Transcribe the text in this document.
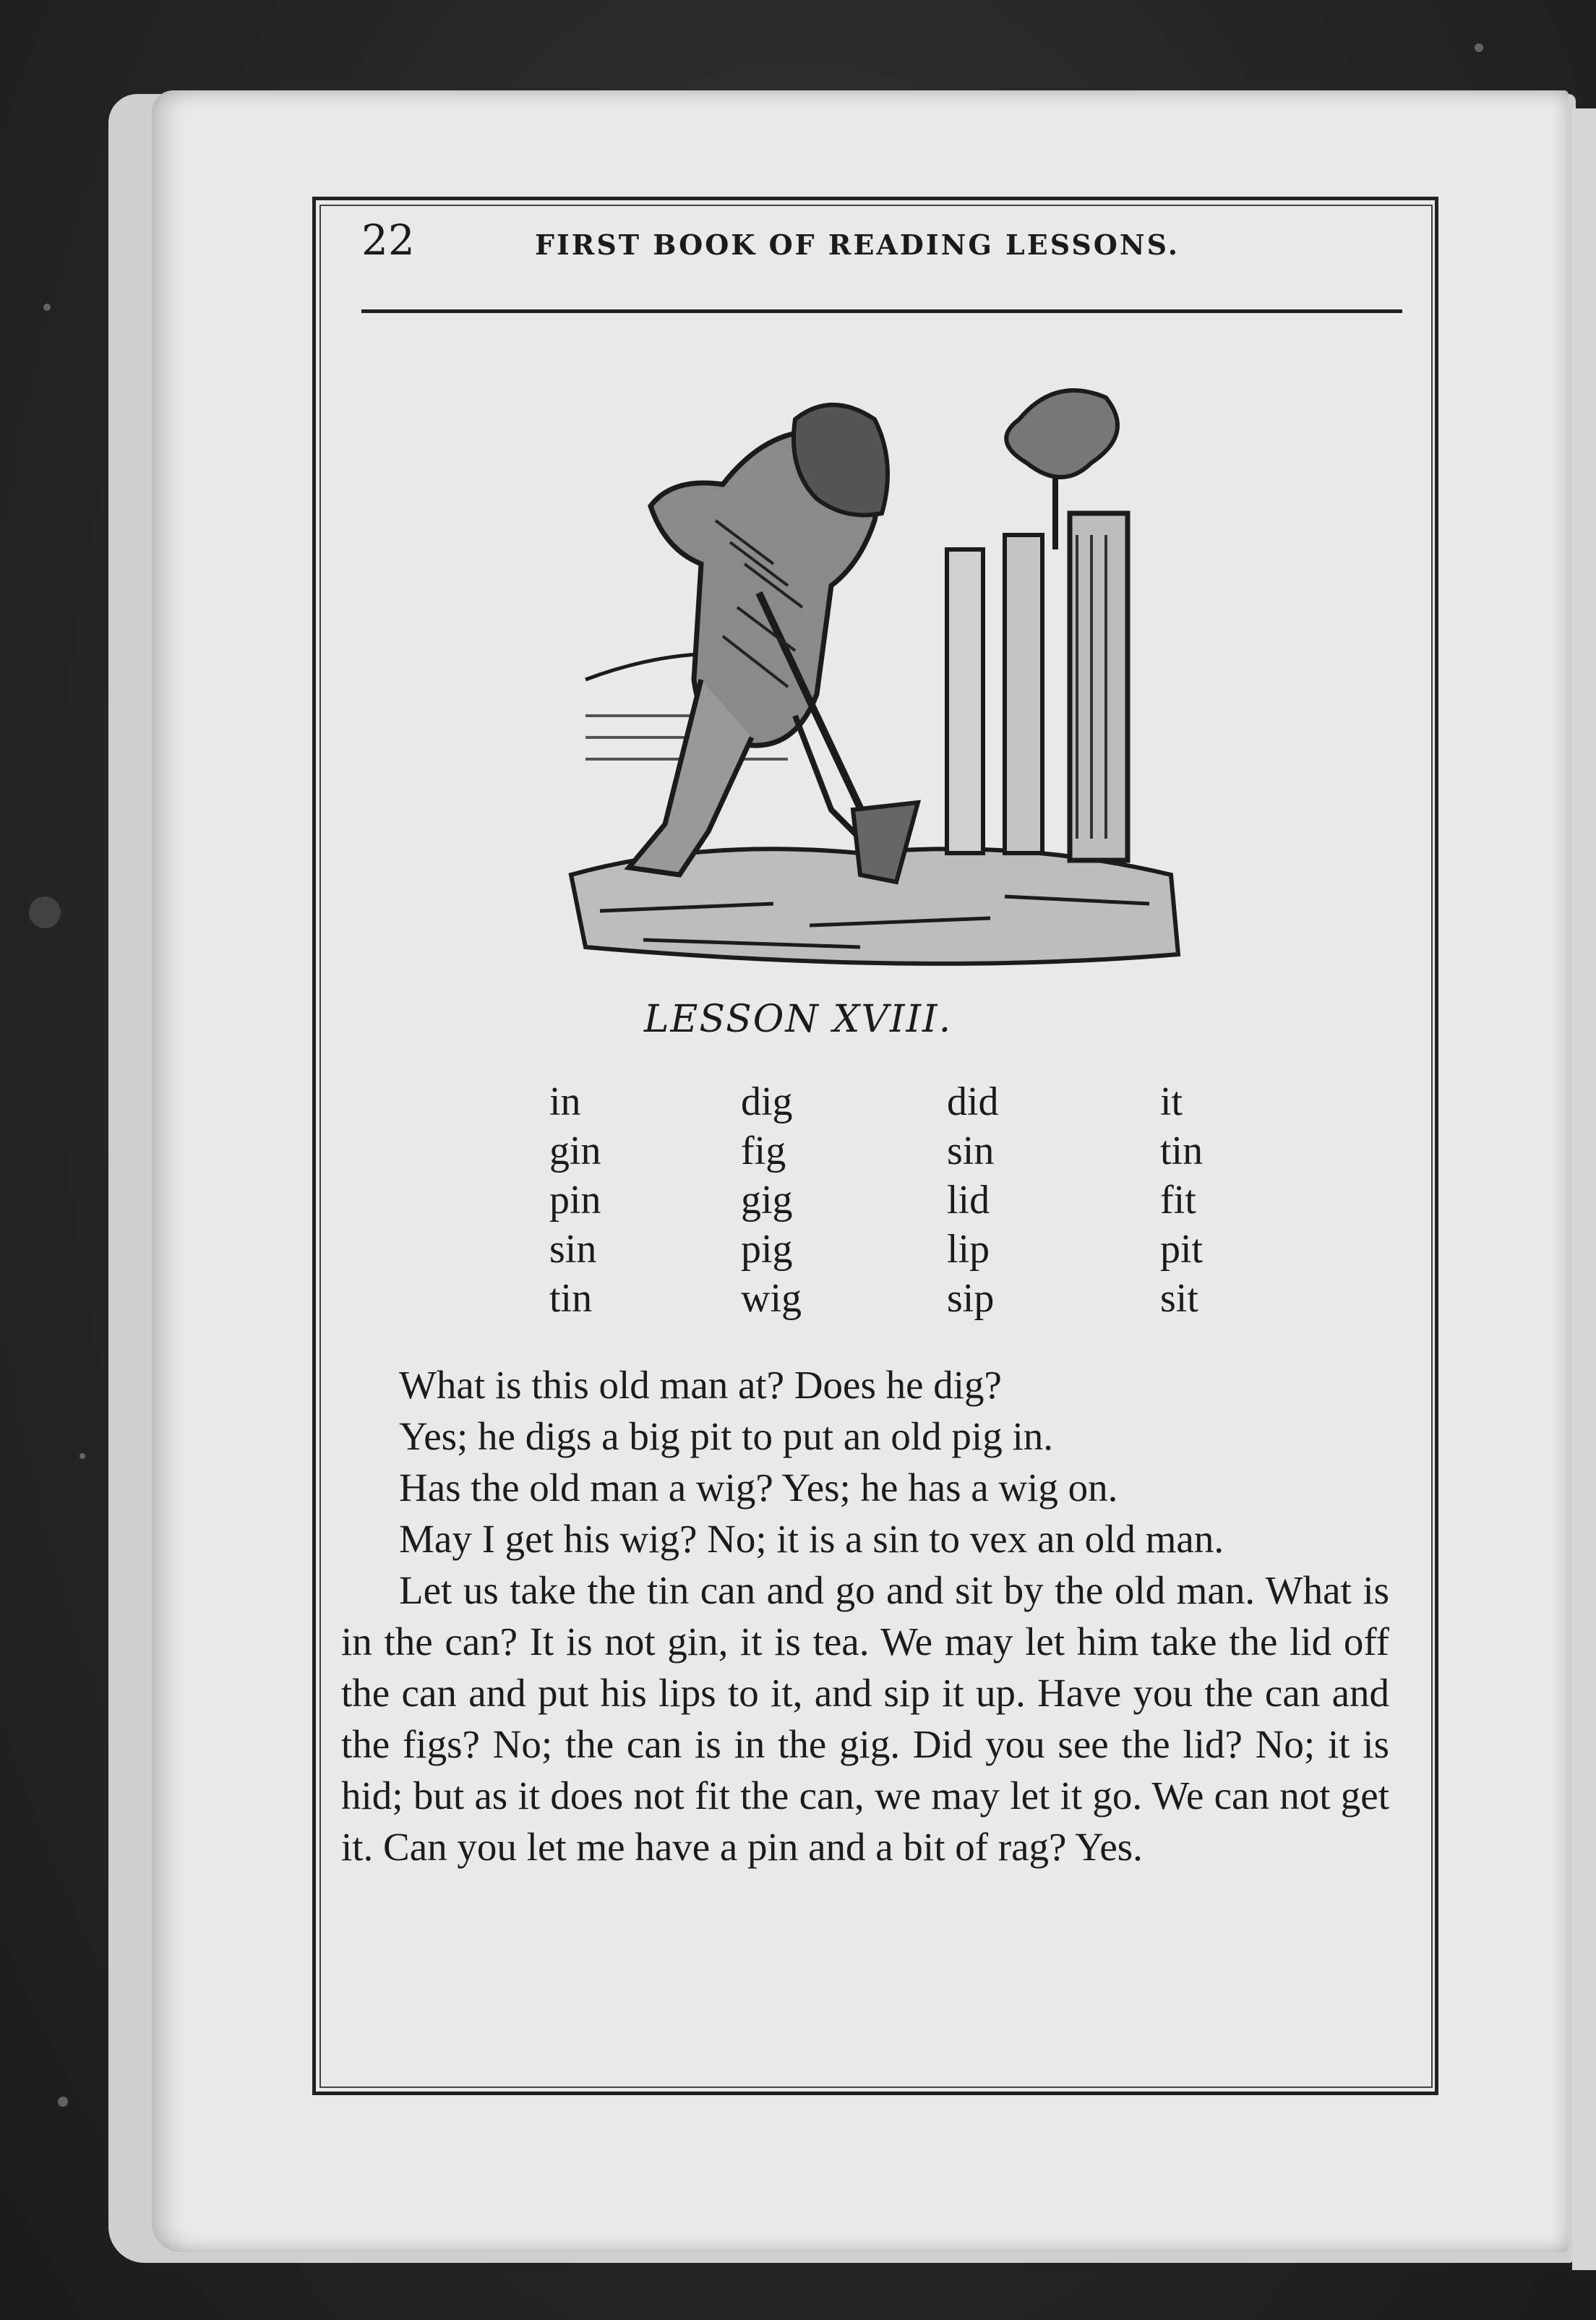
22	FIRST BOOK OF READING LESSONS.
LESSON XVIII.
in
gin
pin
sin
tin
dig
fig
gig
pig
wig
did
sin
lid
lip
sip
it
tin
fit
pit
sit

What is this old man at? Does he dig?

Yes; he digs a big pit to put an old pig in.

Has the old man a wig? Yes; he has a wig on.

May I get his wig? No; it is a sin to vex an old man.

Let us take the tin can and go and sit by the old man. What is in the can? It is not gin, it is tea. We may let him take the lid off the can and put his lips to it, and sip it up. Have you the can and the figs? No; the can is in the gig. Did you see the lid? No; it is hid; but as it does not fit the can, we may let it go. We can not get it. Can you let me have a pin and a bit of rag? Yes.
